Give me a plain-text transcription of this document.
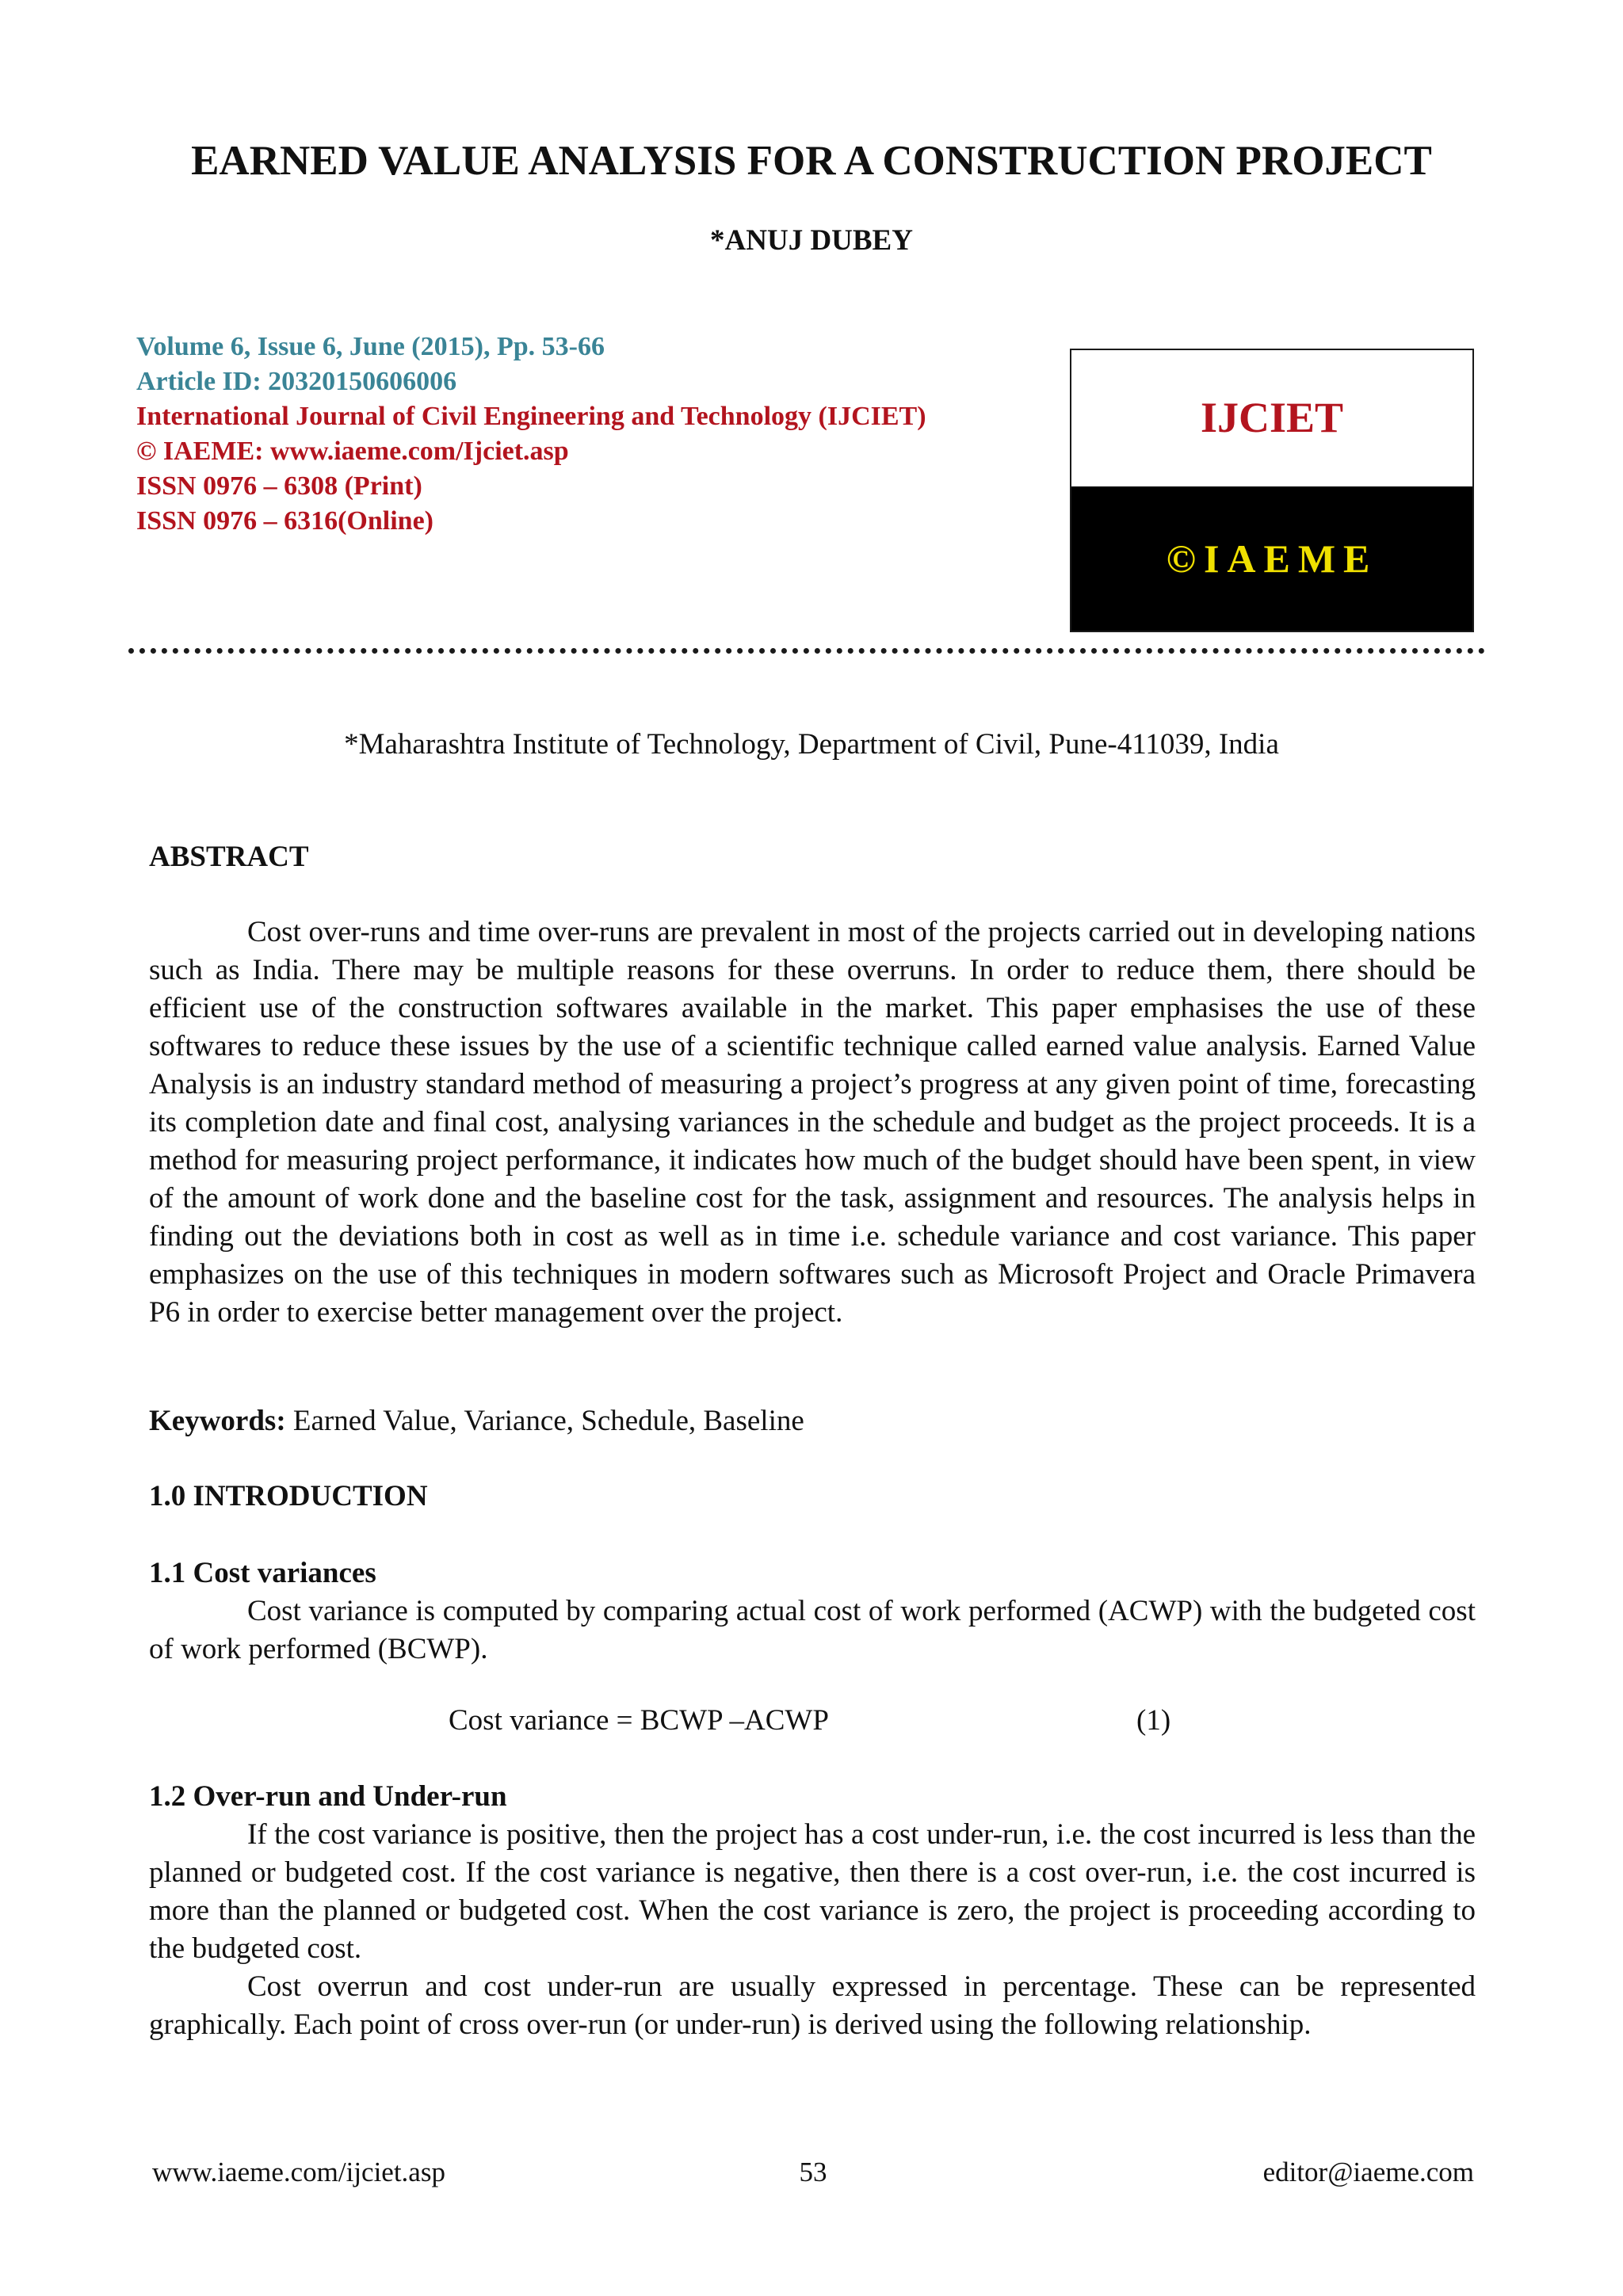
EARNED VALUE ANALYSIS FOR A CONSTRUCTION PROJECT
*ANUJ DUBEY
Volume 6, Issue 6, June (2015), Pp. 53-66
Article ID: 20320150606006
International Journal of Civil Engineering and Technology (IJCIET)
© IAEME: www.iaeme.com/Ijciet.asp
ISSN 0976 – 6308 (Print)
ISSN 0976 – 6316(Online)
IJCIET
©IAEME
*Maharashtra Institute of Technology, Department of Civil, Pune-411039, India
ABSTRACT

Cost over-runs and time over-runs are prevalent in most of the projects carried out in developing nations such as India. There may be multiple reasons for these overruns. In order to reduce them, there should be efficient use of the construction softwares available in the market. This paper emphasises the use of these softwares to reduce these issues by the use of a scientific technique called earned value analysis. Earned Value Analysis is an industry standard method of measuring a project’s progress at any given point of time, forecasting its completion date and final cost, analysing variances in the schedule and budget as the project proceeds. It is a method for measuring project performance, it indicates how much of the budget should have been spent, in view of the amount of work done and the baseline cost for the task, assignment and resources. The analysis helps in finding out the deviations both in cost as well as in time i.e. schedule variance and cost variance. This paper emphasizes on the use of this techniques in modern softwares such as Microsoft Project and Oracle Primavera P6 in order to exercise better management over the project.

Keywords: Earned Value, Variance, Schedule, Baseline
1.0 INTRODUCTION
1.1 Cost variances

Cost variance is computed by comparing actual cost of work performed (ACWP) with the budgeted cost of work performed (BCWP).

Cost variance = BCWP –ACWP	(1)
1.2 Over-run and Under-run

If the cost variance is positive, then the project has a cost under-run, i.e. the cost incurred is less than the planned or budgeted cost. If the cost variance is negative, then there is a cost over-run, i.e. the cost incurred is more than the planned or budgeted cost. When the cost variance is zero, the project is proceeding according to the budgeted cost.

Cost overrun and cost under-run are usually expressed in percentage. These can be represented graphically. Each point of cross over-run (or under-run) is derived using the following relationship.

www.iaeme.com/ijciet.asp	53	editor@iaeme.com
